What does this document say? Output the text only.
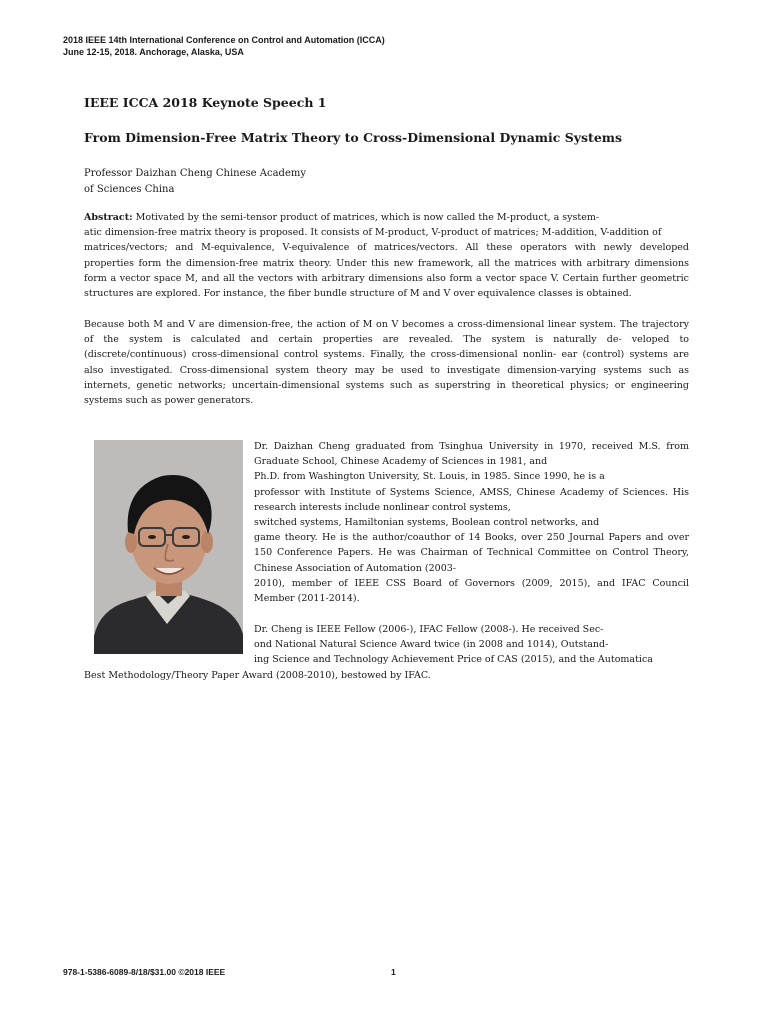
2018 IEEE 14th International Conference on Control and Automation (ICCA)
June 12-15, 2018. Anchorage, Alaska, USA
IEEE ICCA 2018 Keynote Speech 1
From Dimension-Free Matrix Theory to Cross-Dimensional Dynamic Systems
Professor Daizhan Cheng Chinese Academy
of Sciences China
Abstract: Motivated by the semi-tensor product of matrices, which is now called the M-product, a system-
atic dimension-free matrix theory is proposed. It consists of M-product, V-product of matrices; M-addition, V-addition of
matrices/vectors; and M-equivalence, V-equivalence of matrices/vectors. All these operators with newly developed
properties form the dimension-free matrix theory. Under this new framework, all the matrices with arbitrary dimensions
form a vector space M, and all the vectors with arbitrary dimensions also form a vector space V. Certain further geometric
structures are explored. For instance, the fiber bundle structure of M and V over equivalence classes is obtained.
Because both M and V are dimension-free, the action of M on V becomes a cross-dimensional linear system. The trajectory
of the system is calculated and certain properties are revealed. The system is naturally de- veloped to
(discrete/continuous) cross-dimensional control systems. Finally, the cross-dimensional nonlin- ear (control) systems are
also investigated. Cross-dimensional system theory may be used to investigate dimension-varying systems such as
internets, genetic networks; uncertain-dimensional systems such as superstring in theoretical physics; or engineering
systems such as power generators.
Dr. Daizhan Cheng graduated from Tsinghua University in 1970, received M.S. from
Graduate School, Chinese Academy of Sciences in 1981, and
Ph.D. from Washington University, St. Louis, in 1985. Since 1990, he is a
professor with Institute of Systems Science, AMSS, Chinese Academy of Sciences. His
research interests include nonlinear control systems,
switched systems, Hamiltonian systems, Boolean control networks, and
game theory. He is the author/coauthor of 14 Books, over 250 Journal Papers and over
150 Conference Papers. He was Chairman of Technical Committee on Control Theory,
Chinese Association of Automation (2003-
2010), member of IEEE CSS Board of Governors (2009, 2015), and IFAC Council
Member (2011-2014).
Dr. Cheng is IEEE Fellow (2006-), IFAC Fellow (2008-). He received Sec-
ond National Natural Science Award twice (in 2008 and 1014), Outstand-
ing Science and Technology Achievement Price of CAS (2015), and the Automatica
Best Methodology/Theory Paper Award (2008-2010), bestowed by IFAC.
978-1-5386-6089-8/18/$31.00 ©2018 IEEE	1
